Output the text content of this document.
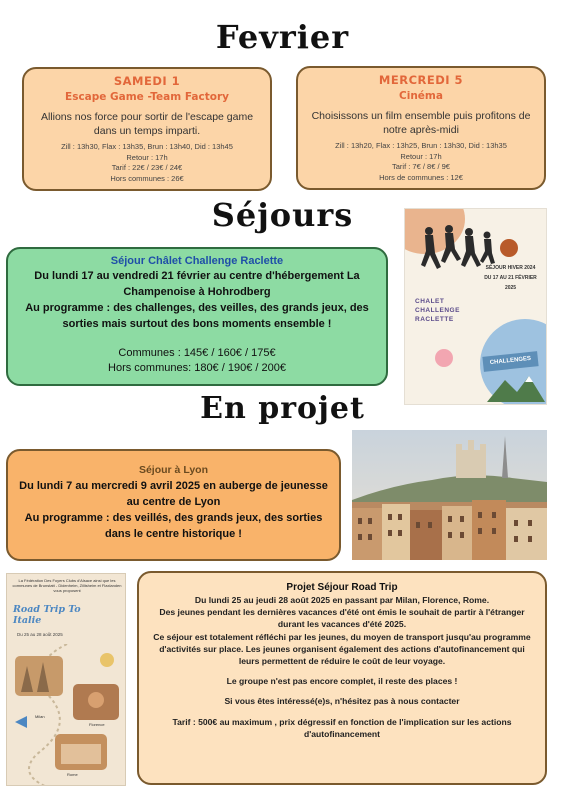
Fevrier
Séjours
En projet
SAMEDI 1
Escape Game -Team Factory
Allions nos force pour sortir de l'escape game dans un temps imparti.
Zill : 13h30, Flax : 13h35, Brun : 13h40, Did : 13h45
Retour : 17h
Tarif : 22€ / 23€ / 24€
Hors communes : 26€
MERCREDI 5
Cinéma
Choisissons un film ensemble puis profitons de notre après-midi
Zill : 13h20, Flax : 13h25, Brun : 13h30, Did : 13h35
Retour : 17h
Tarif : 7€ / 8€ / 9€
Hors de communes : 12€
Séjour Châlet Challenge Raclette
Du lundi 17 au vendredi 21 février au centre d'hébergement La Champenoise à Hohrodberg
Au programme : des challenges, des veilles, des grands jeux, des sorties mais surtout des bons moments ensemble !
Communes : 145€ / 160€ / 175€
Hors communes: 180€ / 190€ / 200€
SÉJOUR HIVER 2024
DU 17 AU 21 FÉVRIER
2025
CHALET
CHALLENGE
RACLETTE
CHALLENGES
Séjour à Lyon
Du lundi 7 au mercredi 9 avril 2025 en auberge de jeunesse au centre de Lyon
Au programme : des veillés, des grands jeux, des sorties dans le centre historique !
La Fédération Des Foyers Clubs d'Alsace ainsi que les communes de Brunstatt - Didenheim, Zillisheim et Flaxlanden vous proposent
Road Trip To
Italie
Du 25 au 28 août 2025
Milan
Florence
Rome
Projet Séjour Road Trip
Du lundi 25 au jeudi 28 août 2025 en passant par Milan, Florence, Rome.
Des jeunes pendant les dernières vacances d'été ont émis le souhait de partir à l'étranger durant les vacances d'été 2025.
Ce séjour est totalement réfléchi par les jeunes, du moyen de transport jusqu'au programme d'activités sur place. Les jeunes organisent également des actions d'autofinancement qui leurs permettent de réduire le coût de leur voyage.
Le groupe n'est pas encore complet, il reste des places !
Si vous êtes intéressé(e)s, n'hésitez pas à nous contacter
Tarif : 500€ au maximum , prix dégressif en fonction de l'implication sur les actions d'autofinancement
